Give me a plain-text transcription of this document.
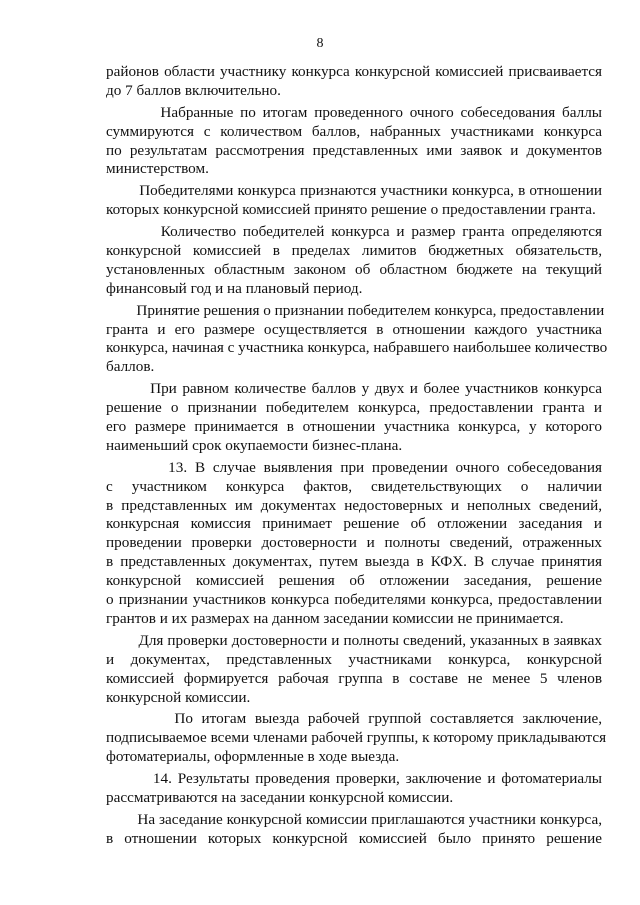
8
районов области участнику конкурса конкурсной комиссией присваивается
до 7 баллов включительно.
Набранные по итогам проведенного очного собеседования баллы
суммируются с количеством баллов, набранных участниками конкурса
по результатам рассмотрения представленных ими заявок и документов
министерством.
Победителями конкурса признаются участники конкурса, в отношении
которых конкурсной комиссией принято решение о предоставлении гранта.
Количество победителей конкурса и размер гранта определяются
конкурсной комиссией в пределах лимитов бюджетных обязательств,
установленных областным законом об областном бюджете на текущий
финансовый год и на плановый период.
Принятие решения о признании победителем конкурса, предоставлении
гранта и его размере осуществляется в отношении каждого участника
конкурса, начиная с участника конкурса, набравшего наибольшее количество
баллов.
При равном количестве баллов у двух и более участников конкурса
решение о признании победителем конкурса, предоставлении гранта и
его размере принимается в отношении участника конкурса, у которого
наименьший срок окупаемости бизнес-плана.
13. В случае выявления при проведении очного собеседования
с участником конкурса фактов, свидетельствующих о наличии
в представленных им документах недостоверных и неполных сведений,
конкурсная комиссия принимает решение об отложении заседания и
проведении проверки достоверности и полноты сведений, отраженных
в представленных документах, путем выезда в КФХ. В случае принятия
конкурсной комиссией решения об отложении заседания, решение
о признании участников конкурса победителями конкурса, предоставлении
грантов и их размерах на данном заседании комиссии не принимается.
Для проверки достоверности и полноты сведений, указанных в заявках
и документах, представленных участниками конкурса, конкурсной
комиссией формируется рабочая группа в составе не менее 5 членов
конкурсной комиссии.
По итогам выезда рабочей группой составляется заключение,
подписываемое всеми членами рабочей группы, к которому прикладываются
фотоматериалы, оформленные в ходе выезда.
14. Результаты проведения проверки, заключение и фотоматериалы
рассматриваются на заседании конкурсной комиссии.
На заседание конкурсной комиссии приглашаются участники конкурса,
в отношении которых конкурсной комиссией было принято решение
